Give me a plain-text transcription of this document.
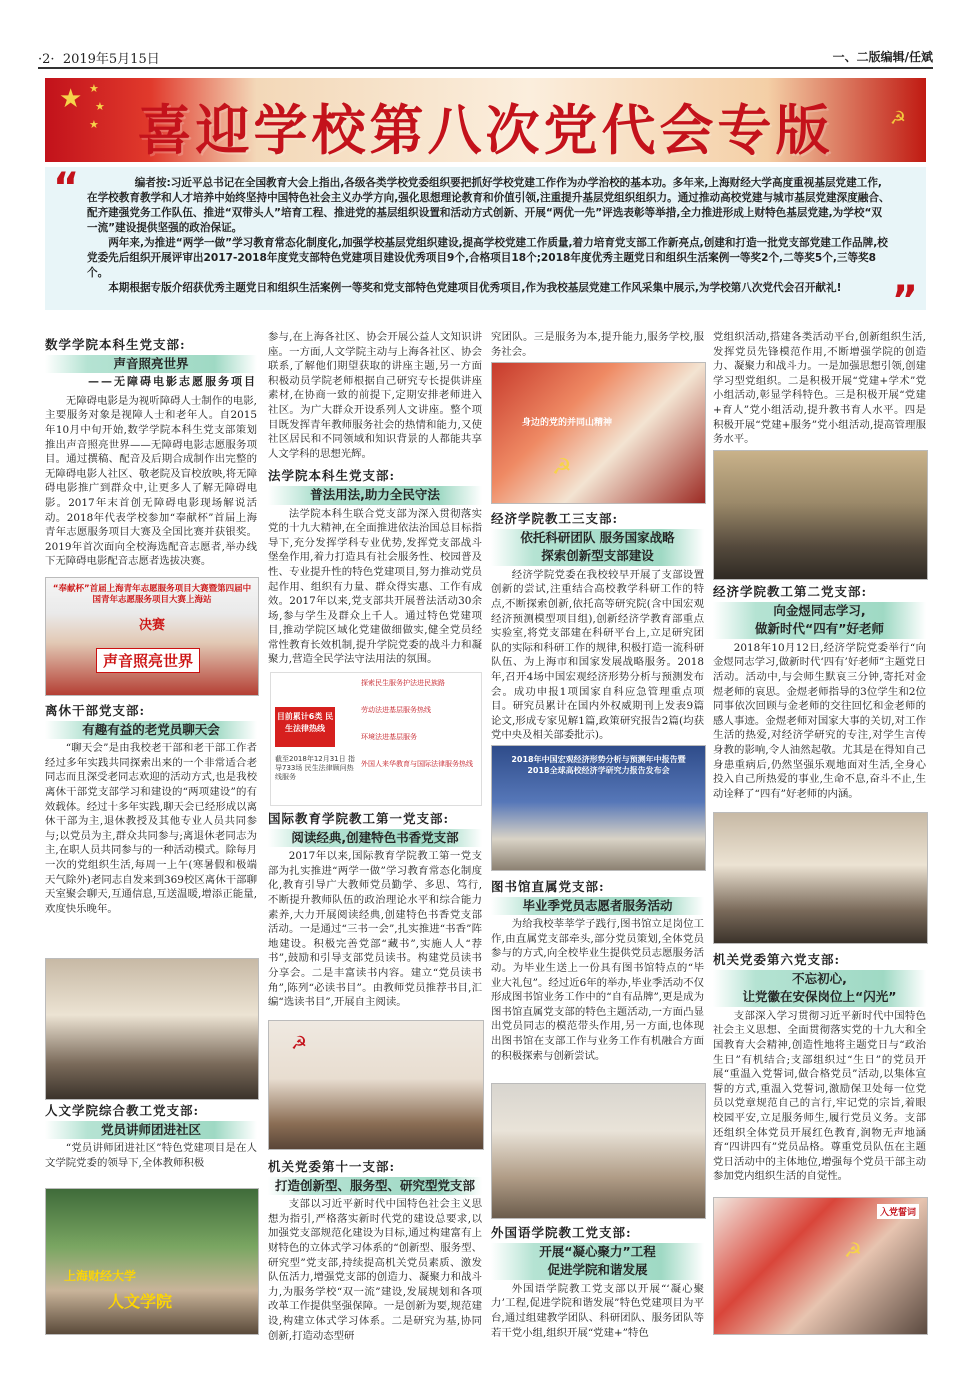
·2· 2019年5月15日	一、二版编辑/任斌
★ ★
★
★	☭
喜迎学校第八次党代会专版
“
”

编者按:习近平总书记在全国教育大会上指出,各级各类学校党委组织要把抓好学校党建工作作为办学治校的基本功。多年来,上海财经大学高度重视基层党建工作,在学校教育教学和人才培养中始终坚持中国特色社会主义办学方向,强化思想理论教育和价值引领,注重提升基层党组织组织力。通过推动高校党建与城市基层党建深度融合、配齐建强党务工作队伍、推进“双带头人”培育工程、推进党的基层组织设置和活动方式创新、开展“两优一先”评选表彰等举措,全力推进形成上财特色基层党建,为学校“双一流”建设提供坚强的政治保证。

两年来,为推进“两学一做”学习教育常态化制度化,加强学校基层党组织建设,提高学校党建工作质量,着力培育党支部工作新亮点,创建和打造一批党支部党建工作品牌,校党委先后组织开展评审出2017-2018年度党支部特色党建项目建设优秀项目9个,合格项目18个;2018年度优秀主题党日和组织生活案例一等奖2个,二等奖5个,三等奖8个。

本期根据专版介绍获优秀主题党日和组织生活案例一等奖和党支部特色党建项目优秀项目,作为我校基层党建工作风采集中展示,为学校第八次党代会召开献礼!

数学学院本科生党支部:
声音照亮世界
——无障碍电影志愿服务项目

无障碍电影是为视听障碍人士制作的电影,主要服务对象是视障人士和老年人。自2015年10月中旬开始,数学学院本科生党支部策划推出声音照亮世界——无障碍电影志愿服务项目。通过撰稿、配音及后期合成制作出完整的无障碍电影人社区、敬老院及盲校放映,将无障碍电影推广到群众中,让更多人了解无障碍电影。2017年末首创无障碍电影现场解说活动。2018年代表学校参加“奉献杯”首届上海青年志愿服务项目大赛及全国比赛并获银奖。2019年首次面向全校海选配音志愿者,举办线下无障碍电影配音志愿者选拔决赛。

“奉献杯”首届上海青年志愿服务项目大赛暨第四届中国青年志愿服务项目大赛上海站
决赛
声音照亮世界
离休干部党支部:
有趣有益的老党员聊天会

“聊天会”是由我校老干部和老干部工作者经过多年实践共同探索出来的一个非常适合老同志而且深受老同志欢迎的活动方式,也是我校离休干部党支部学习和建设的“两项建设”的有效载体。经过十多年实践,聊天会已经形成以离休干部为主,退休教授及其他专业人员共同参与;以党员为主,群众共同参与;离退休老同志为主,在职人员共同参与的一种活动模式。除每月一次的党组织生活,每周一上午(寒暑假和极端天气除外)老同志自发来到369校区离休干部聊天室聚会聊天,互通信息,互送温暖,增添正能量,欢度快乐晚年。

人文学院综合教工党支部:
党员讲师团进社区

“党员讲师团进社区”特色党建项目是在人文学院党委的领导下,全体教师积极

上海财经大学
人文学院

参与,在上海各社区、协会开展公益人文知识讲座。一方面,人文学院主动与上海各社区、协会联系,了解他们期望获取的讲座主题,另一方面积极动员学院老师根据自己研究专长提供讲座素材,在协商一致的前提下,定期安排老师进入社区。为广大群众开设系列人文讲座。整个项目既发挥青年教师服务社会的热情和能力,又使社区居民和不同领域和知识背景的人都能共享人文学科的思想光辉。

法学院本科生党支部:
普法用法,助力全民守法

法学院本科生联合党支部为深入贯彻落实党的十九大精神,在全面推进依法治国总目标指导下,充分发挥学科专业优势,发挥党支部战斗堡垒作用,着力打造具有社会服务性、校园普及性、专业提升性的特色党建项目,努力推动党员起作用、组织有力量、群众得实惠、工作有成效。2017年以来,党支部共开展普法活动30余场,参与学生及群众上千人。通过特色党建项目,推动学院区域化党建做细做实,健全党员经常性教育长效机制,提升学院党委的战斗力和凝聚力,营造全民学法守法用法的氛围。

目前累计6类 民生法律热线
截至2018年12月31日 指导733场 民生法律顾问热线服务
探索民生服务护法进民族路
劳动法进基层服务热线
环境法进基层服务
外国人来华教育与国际法律服务热线
国际教育学院教工第一党支部:
阅读经典,创建特色书香党支部

2017年以来,国际教育学院教工第一党支部为扎实推进“两学一做”学习教育常态化制度化,教育引导广大教师党员勤学、多思、笃行,不断提升教师队伍的政治理论水平和综合能力素养,大力开展阅读经典,创建特色书香党支部活动。一是通过“三书一会”,扎实推进“书香”阵地建设。积极完善党部“藏书”,实施人人“荐书”,鼓励和引导支部党员读书。构建党员读书分享会。二是丰富读书内容。建立“党员读书角”,陈列“必读书目”。由教师党员推荐书目,汇编“选读书目”,开展自主阅读。

☭
机关党委第十一支部:
打造创新型、服务型、研究型党支部

支部以习近平新时代中国特色社会主义思想为指引,严格落实新时代党的建设总要求,以加强党支部规范化建设为目标,通过构建富有上财特色的立体式学习体系的“创新型、服务型、研究型”党支部,持续提高机关党员素质、激发队伍活力,增强党支部的创造力、凝聚力和战斗力,为服务学校“双一流”建设,发展规划和各项改革工作提供坚强保障。一是创新为要,规范建设,构建立体式学习体系。二是研究为基,协同创新,打造动态型研

究团队。三是服务为本,提升能力,服务学校,服务社会。

身边的党的并同山精神
☭
经济学院教工三支部:
依托科研团队 服务国家战略
探索创新型支部建设

经济学院党委在我校较早开展了支部设置创新的尝试,注重结合高校教学科研工作的特点,不断探索创新,依托高等研究院(含中国宏观经济预测模型项目组),创新经济学教育部重点实验室,将党支部建在科研平台上,立足研究团队的实际和科研工作的规律,积极打造一流科研队伍、为上海市和国家发展战略服务。2018年,召开4场中国宏观经济形势分析与预测发布会。成功申报1项国家自科应急管理重点项目。研究员累计在国内外权威期刊上发表9篇论文,形成专家见解1篇,政策研究报告2篇(均获党中央及相关部委批示)。

2018年中国宏观经济形势分析与预测年中报告暨2018全球高校经济学研究力报告发布会
图书馆直属党支部:
毕业季党员志愿者服务活动

为给我校莘莘学子践行,图书馆立足岗位工作,由直属党支部牵头,部分党员策划,全体党员参与的方式,向全校毕业生提供党员志愿服务活动。为毕业生送上一份具有图书馆特点的“毕业大礼包”。经过近6年的举办,毕业季活动不仅形成图书馆业务工作中的“自有品牌”,更是成为图书馆直属党支部的特色主题活动,一方面凸显出党员同志的模范带头作用,另一方面,也体现出图书馆在支部工作与业务工作有机融合方面的积极探索与创新尝试。

外国语学院教工党支部:
开展“凝心聚力”工程
促进学院和谐发展

外国语学院教工党支部以开展“‘凝心聚力’工程,促进学院和谐发展”特色党建项目为平台,通过组建教学团队、科研团队、服务团队等若干党小组,组织开展“党建+”特色

党组织活动,搭建各类活动平台,创新组织生活,发挥党员先锋模范作用,不断增强学院的创造力、凝聚力和战斗力。一是加强思想引领,创建学习型党组织。二是积极开展“党建+学术”党小组活动,彰显学科特色。三是积极开展“党建+育人”党小组活动,提升教书育人水平。四是积极开展“党建+服务”党小组活动,提高管理服务水平。

经济学院教工第二党支部:
向金煜同志学习,
做新时代“四有”好老师

2018年10月12日,经济学院党委举行“向金煜同志学习,做新时代‘四有’好老师”主题党日活动。活动中,与会师生默哀三分钟,寄托对金煜老师的哀思。金煜老师指导的3位学生和2位同事依次回顾与金老师的交往回忆和金老师的感人事迹。金煜老师对国家大事的关切,对工作生活的热爱,对经济学研究的专注,对学生言传身教的影响,令人油然起敬。尤其是在得知自己身患重病后,仍然坚强乐观地面对生活,全身心投入自己所热爱的事业,生命不息,奋斗不止,生动诠释了“四有”好老师的内涵。

机关党委第六党支部:
不忘初心,
让党徽在安保岗位上“闪光”

支部深入学习贯彻习近平新时代中国特色社会主义思想、全面贯彻落实党的十九大和全国教育大会精神,创造性地将主题党日与“政治生日”有机结合;支部组织过“生日”的党员开展“重温入党誓词,做合格党员”活动,以集体宣誓的方式,重温入党誓词,激励保卫处每一位党员以党章规范自己的言行,牢记党的宗旨,着眼校园平安,立足服务师生,履行党员义务。支部还组织全体党员开展红色教育,润物无声地涵育“四讲四有”党员品格。尊重党员队伍在主题党日活动中的主体地位,增强每个党员干部主动参加党内组织生活的自觉性。

入党誓词
☭
